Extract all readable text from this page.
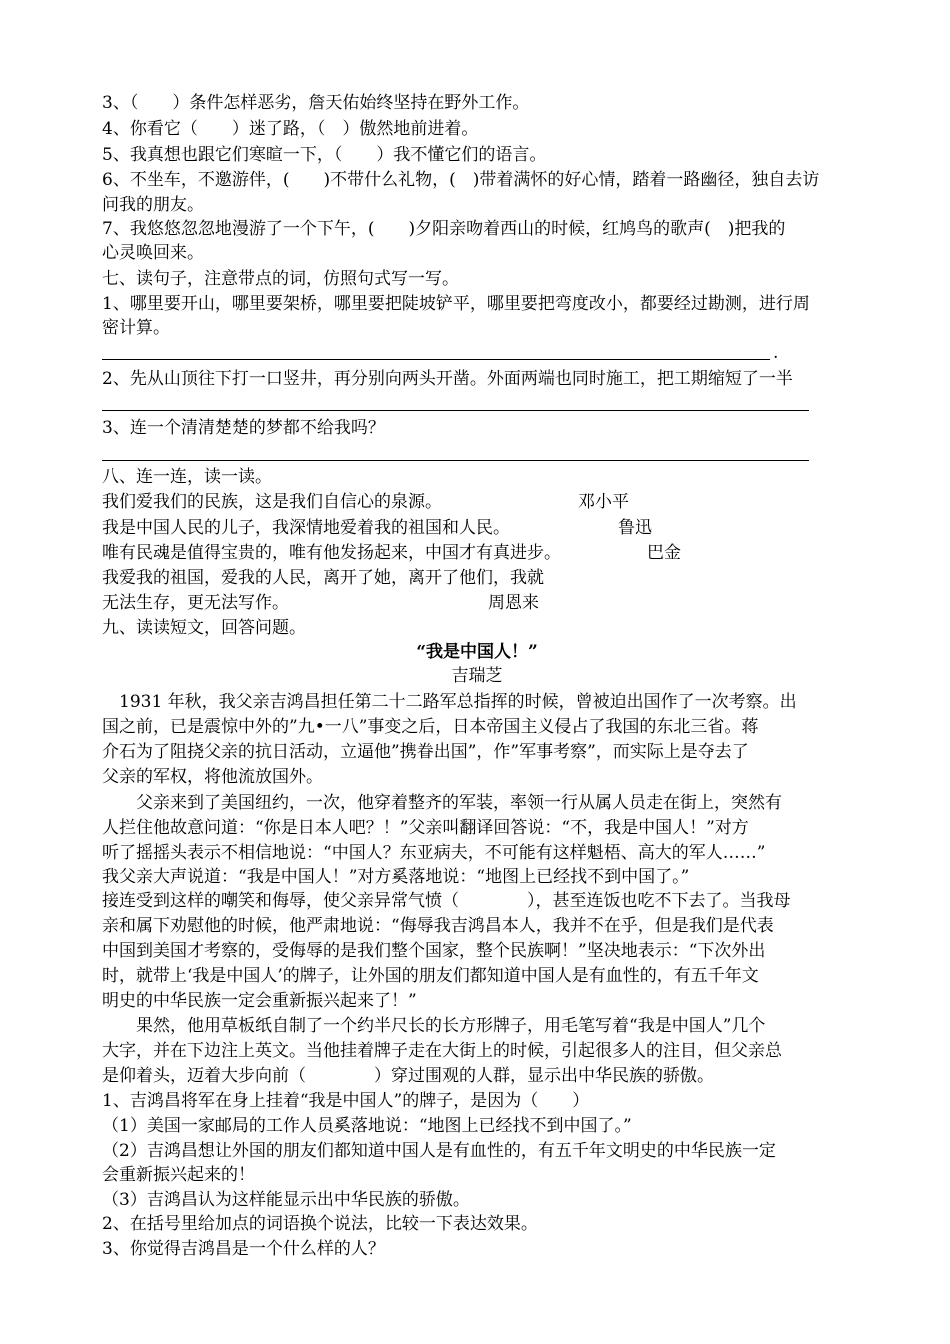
3、（　　）条件怎样恶劣，詹天佑始终坚持在野外工作。
4、你看它（　　）迷了路，（　）傲然地前进着。
5、我真想也跟它们寒暄一下，（　　）我不懂它们的语言。
6、不坐车，不邀游伴，(　　)不带什么礼物，(　)带着满怀的好心情，踏着一路幽径，独自去访
问我的朋友。
7、我悠悠忽忽地漫游了一个下午，(　　)夕阳亲吻着西山的时候，红鸠鸟的歌声(　)把我的
心灵唤回来。
七、读句子，注意带点的词，仿照句式写一写。
1、哪里要开山，哪里要架桥，哪里要把陡坡铲平，哪里要把弯度改小，都要经过勘测，进行周
密计算。
.
2、先从山顶往下打一口竖井，再分别向两头开凿。外面两端也同时施工，把工期缩短了一半
3、连一个清清楚楚的梦都不给我吗？
八、连一连，读一读。
我们爱我们的民族，这是我们自信心的泉源。	邓小平
我是中国人民的儿子，我深情地爱着我的祖国和人民。	鲁迅
唯有民魂是值得宝贵的，唯有他发扬起来，中国才有真进步。	巴金
我爱我的祖国，爱我的人民，离开了她，离开了他们，我就
无法生存，更无法写作。	周恩来
九、读读短文，回答问题。
“我是中国人！”
吉瑞芝
1931 年秋，我父亲吉鸿昌担任第二十二路军总指挥的时候，曾被迫出国作了一次考察。出
国之前，已是震惊中外的”九•一八”事变之后，日本帝国主义侵占了我国的东北三省。蒋
介石为了阻挠父亲的抗日活动，立逼他”携眷出国”，作”军事考察”，而实际上是夺去了
父亲的军权，将他流放国外。
　　父亲来到了美国纽约，一次，他穿着整齐的军装，率领一行从属人员走在街上，突然有
人拦住他故意问道：“你是日本人吧？！”父亲叫翻译回答说：“不，我是中国人！”对方
听了摇摇头表示不相信地说：“中国人？东亚病夫，不可能有这样魁梧、高大的军人……”
我父亲大声说道：“我是中国人！”对方奚落地说：“地图上已经找不到中国了。”
接连受到这样的嘲笑和侮辱，使父亲异常气愤（　　　　），甚至连饭也吃不下去了。当我母
亲和属下劝慰他的时候，他严肃地说：“侮辱我吉鸿昌本人，我并不在乎，但是我们是代表
中国到美国才考察的，受侮辱的是我们整个国家，整个民族啊！”坚决地表示：“下次外出
时，就带上‘我是中国人’的牌子，让外国的朋友们都知道中国人是有血性的，有五千年文
明史的中华民族一定会重新振兴起来了！”
　　果然，他用草板纸自制了一个约半尺长的长方形牌子，用毛笔写着“我是中国人”几个
大字，并在下边注上英文。当他挂着牌子走在大街上的时候，引起很多人的注目，但父亲总
是仰着头，迈着大步向前（　　　　）穿过围观的人群，显示出中华民族的骄傲。
1、吉鸿昌将军在身上挂着“我是中国人”的牌子，是因为（　　）
（1）美国一家邮局的工作人员奚落地说：“地图上已经找不到中国了。”
（2）吉鸿昌想让外国的朋友们都知道中国人是有血性的，有五千年文明史的中华民族一定
会重新振兴起来的！
（3）吉鸿昌认为这样能显示出中华民族的骄傲。
2、在括号里给加点的词语换个说法，比较一下表达效果。
3、你觉得吉鸿昌是一个什么样的人？
